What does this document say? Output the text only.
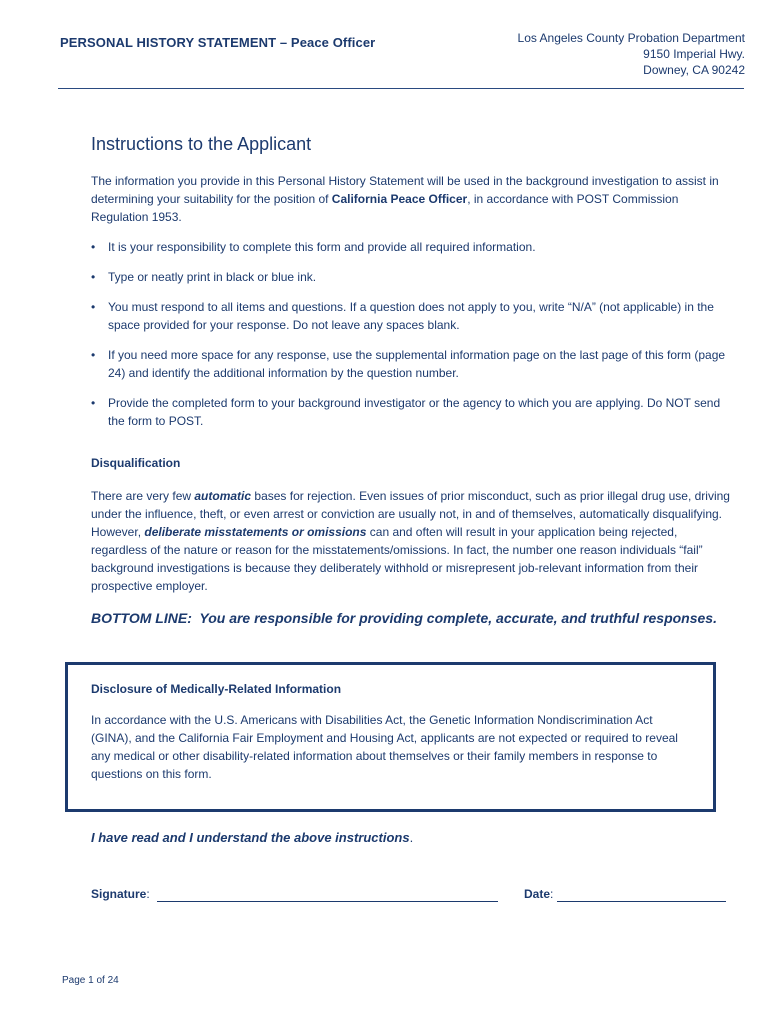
PERSONAL HISTORY STATEMENT – Peace Officer	Los Angeles County Probation Department
9150 Imperial Hwy.
Downey, CA 90242
Instructions to the Applicant
The information you provide in this Personal History Statement will be used in the background investigation to assist in determining your suitability for the position of California Peace Officer, in accordance with POST Commission Regulation 1953.
• It is your responsibility to complete this form and provide all required information.
• Type or neatly print in black or blue ink.
• You must respond to all items and questions. If a question does not apply to you, write “N/A” (not applicable) in the space provided for your response. Do not leave any spaces blank.
• If you need more space for any response, use the supplemental information page on the last page of this form (page 24) and identify the additional information by the question number.
• Provide the completed form to your background investigator or the agency to which you are applying. Do NOT send the form to POST.
Disqualification
There are very few automatic bases for rejection. Even issues of prior misconduct, such as prior illegal drug use, driving under the influence, theft, or even arrest or conviction are usually not, in and of themselves, automatically disqualifying. However, deliberate misstatements or omissions can and often will result in your application being rejected, regardless of the nature or reason for the misstatements/omissions. In fact, the number one reason individuals “fail” background investigations is because they deliberately withhold or misrepresent job-relevant information from their prospective employer.
BOTTOM LINE:  You are responsible for providing complete, accurate, and truthful responses.
Disclosure of Medically-Related Information
In accordance with the U.S. Americans with Disabilities Act, the Genetic Information Nondiscrimination Act (GINA), and the California Fair Employment and Housing Act, applicants are not expected or required to reveal any medical or other disability-related information about themselves or their family members in response to questions on this form.
I have read and I understand the above instructions.
Signature:	Date:
Page 1 of 24
